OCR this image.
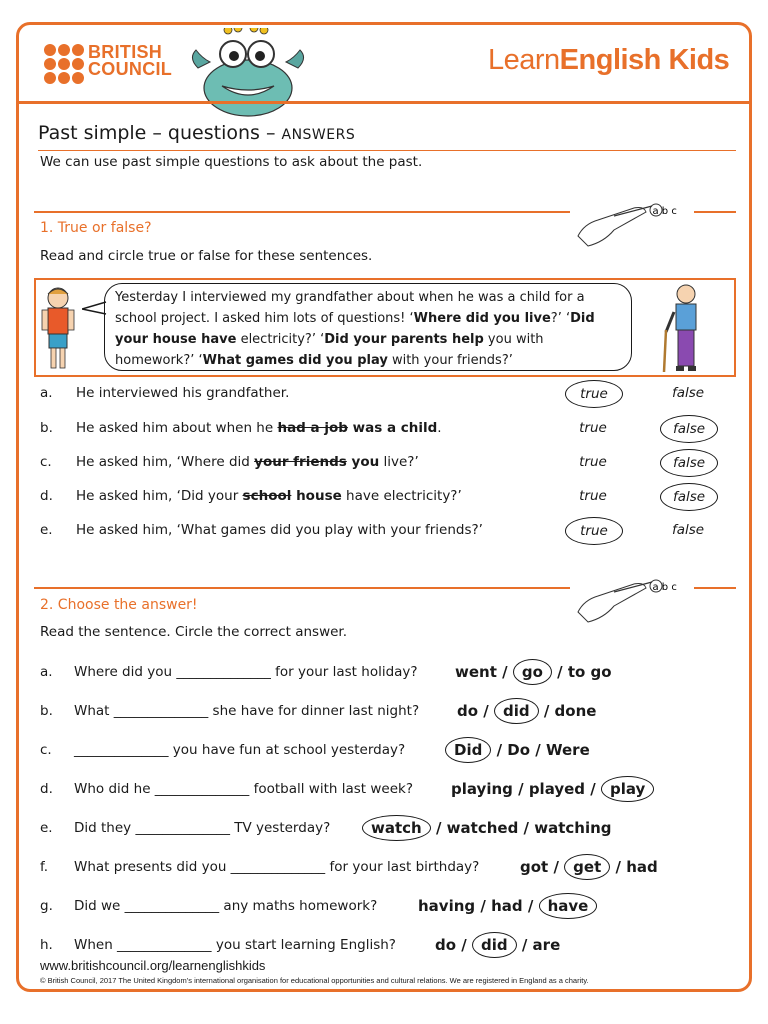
BRITISH
COUNCIL	LearnEnglish Kids
Past simple – questions – ANSWERS
We can use past simple questions to ask about the past.
a b c
1. True or false?
Read and circle true or false for these sentences.
Yesterday I interviewed my grandfather about when he was a child for a school project. I asked him lots of questions! ‘Where did you live?’ ‘Did your house have electricity?’ ‘Did your parents help you with homework?’ ‘What games did you play with your friends?’
a.	He interviewed his grandfather.	true	false
b.	He asked him about when he had a job was a child.	true	false
c.	He asked him, ‘Where did your friends you live?’	true	false
d.	He asked him, ‘Did your school house have electricity?’	true	false
e.	He asked him, ‘What games did you play with your friends?’	true	false
a b c
2. Choose the answer!
Read the sentence. Circle the correct answer.
a. Where did you ______________ for your last holiday? went / go / to go
b. What ______________ she have for dinner last night?	do / did / done
c. ______________ you have fun at school yesterday?	Did / Do / Were
d. Who did he ______________ football with last week?	playing / played / play
e. Did they ______________ TV yesterday?	watch / watched / watching
f. What presents did you ______________ for your last birthday?	got / get / had
g. Did we ______________ any maths homework?	having / had / have
h. When ______________ you start learning English?	do / did / are
www.britishcouncil.org/learnenglishkids
© British Council, 2017 The United Kingdom’s international organisation for educational opportunities and cultural relations. We are registered in England as a charity.
